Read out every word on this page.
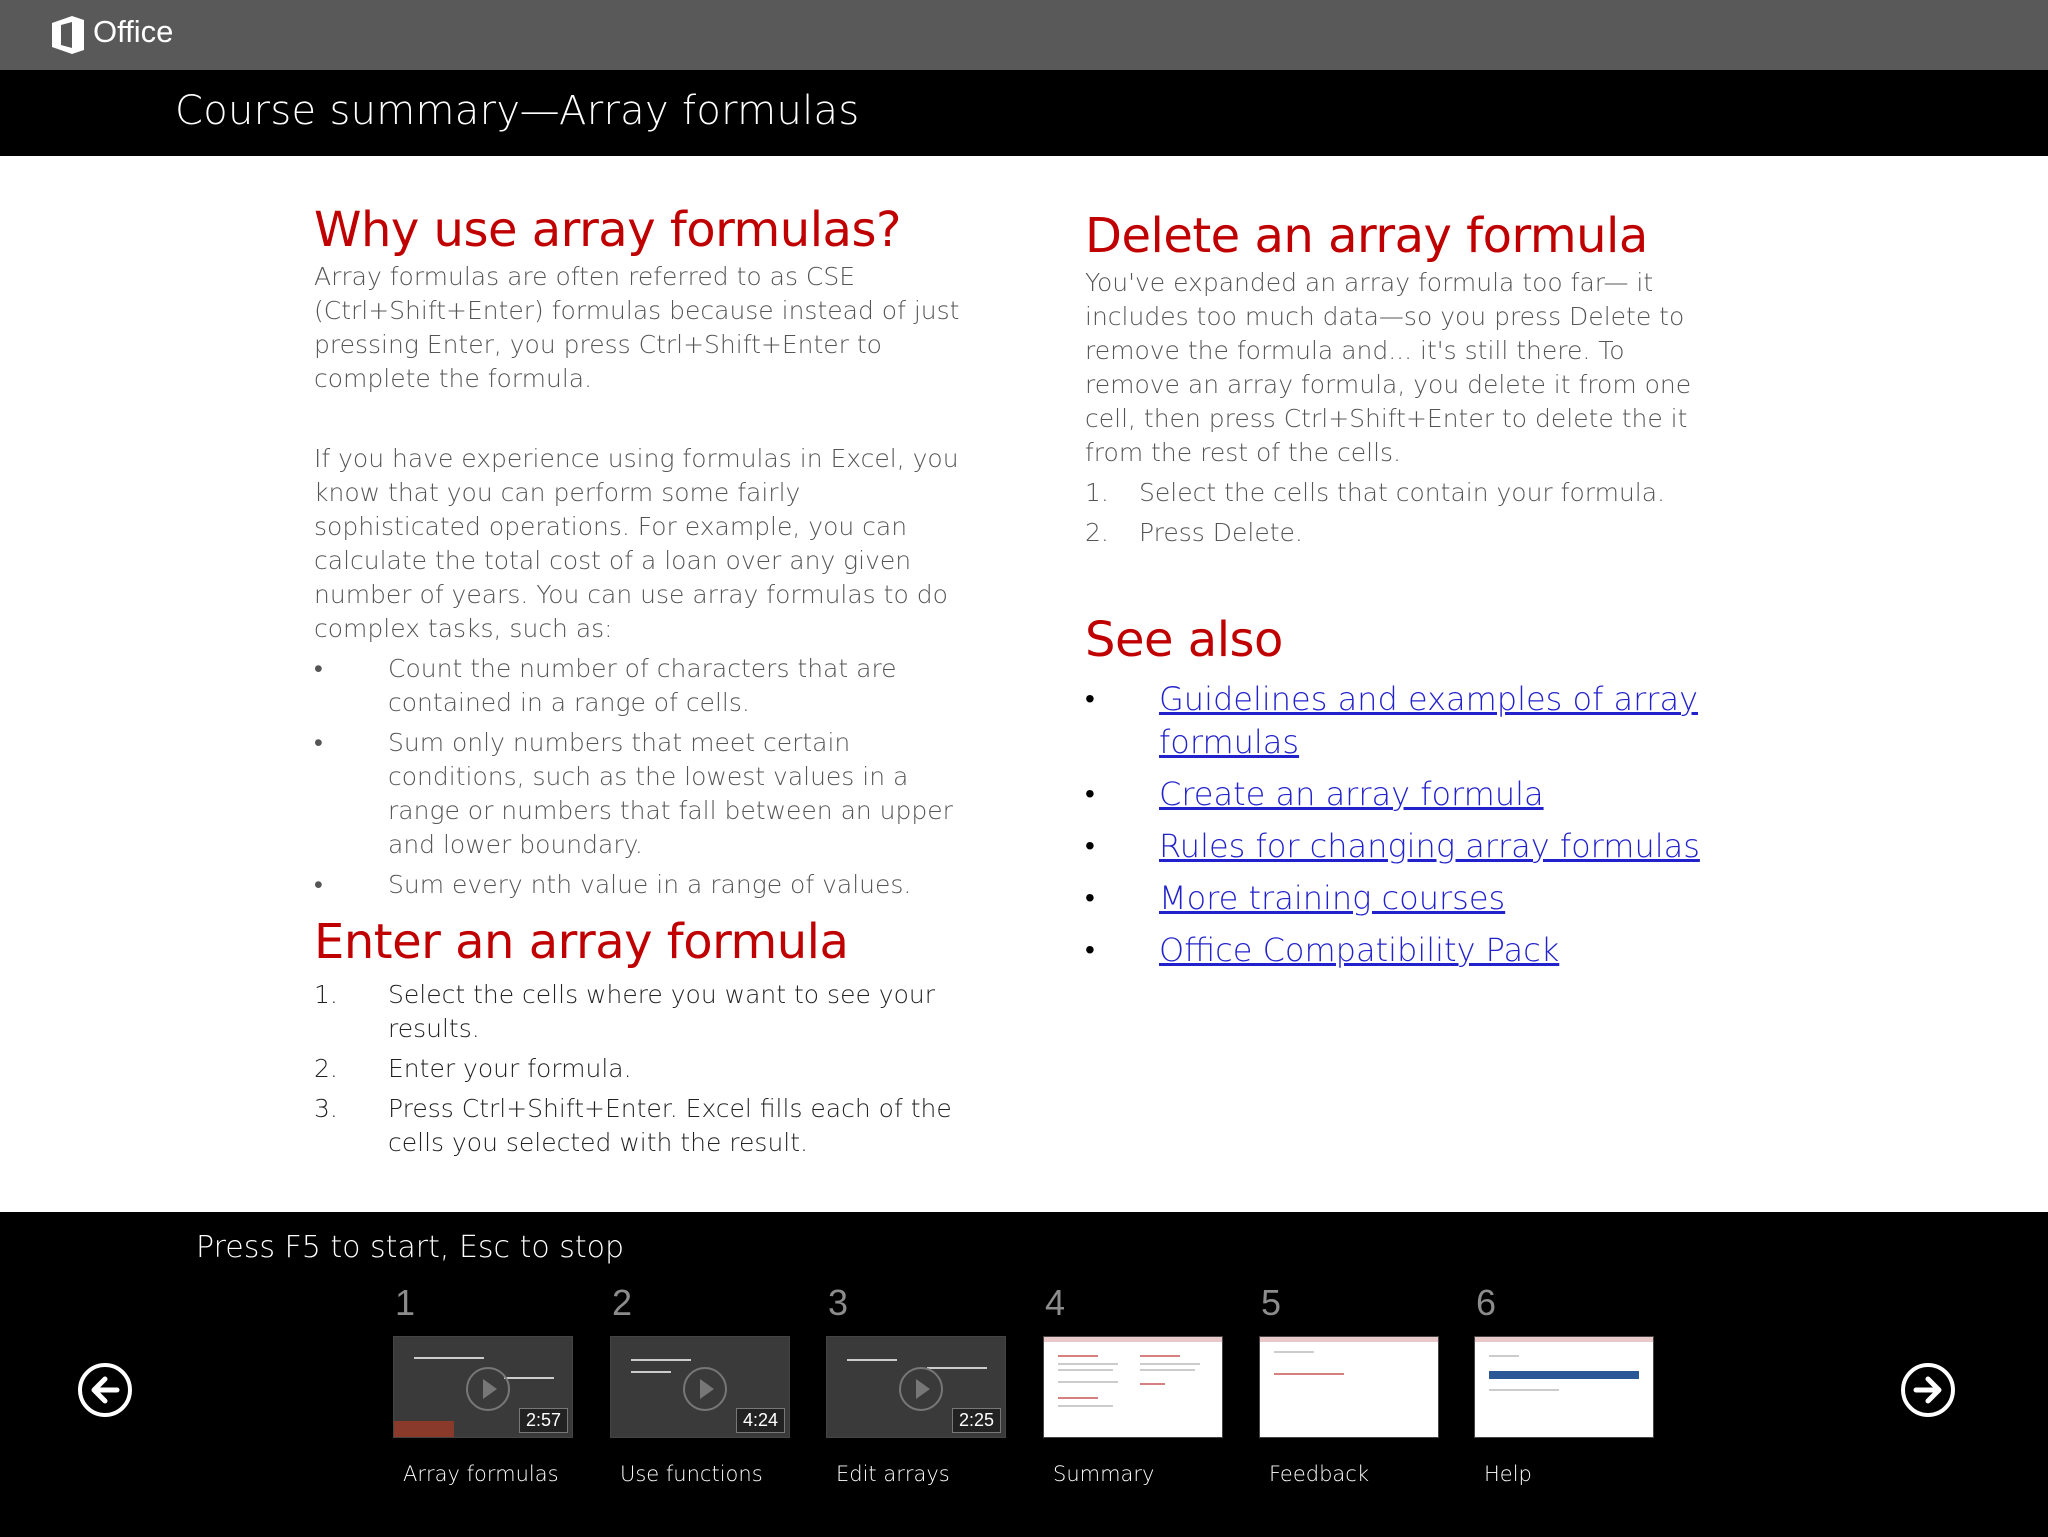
Office
Course summary—Array formulas
Why use array formulas?

Array formulas are often referred to as CSE (Ctrl+Shift+Enter) formulas because instead of just pressing Enter, you press Ctrl+Shift+Enter to complete the formula.

If you have experience using formulas in Excel, you know that you can perform some fairly sophisticated operations. For example, you can calculate the total cost of a loan over any given number of years. You can use array formulas to do complex tasks, such as:

•	Count the number of characters that are contained in a range of cells.
•	Sum only numbers that meet certain conditions, such as the lowest values in a range or numbers that fall between an upper and lower boundary.
•	Sum every nth value in a range of values.
Enter an array formula
1. Select the cells where you want to see your results.
2. Enter your formula.
3. Press Ctrl+Shift+Enter. Excel fills each of the cells you selected with the result.
Delete an array formula

You've expanded an array formula too far— it includes too much data—so you press Delete to remove the formula and... it's still there. To remove an array formula, you delete it from one cell, then press Ctrl+Shift+Enter to delete the it from the rest of the cells.

1. Select the cells that contain your formula.
2. Press Delete.
See also
• Guidelines and examples of array formulas
• Create an array formula
• Rules for changing array formulas
• More training courses
• Office Compatibility Pack
Press F5 to start, Esc to stop
1
2:57
Array formulas
2
4:24
Use functions
3
2:25
Edit arrays
4
Summary
5
Feedback
6
Help
